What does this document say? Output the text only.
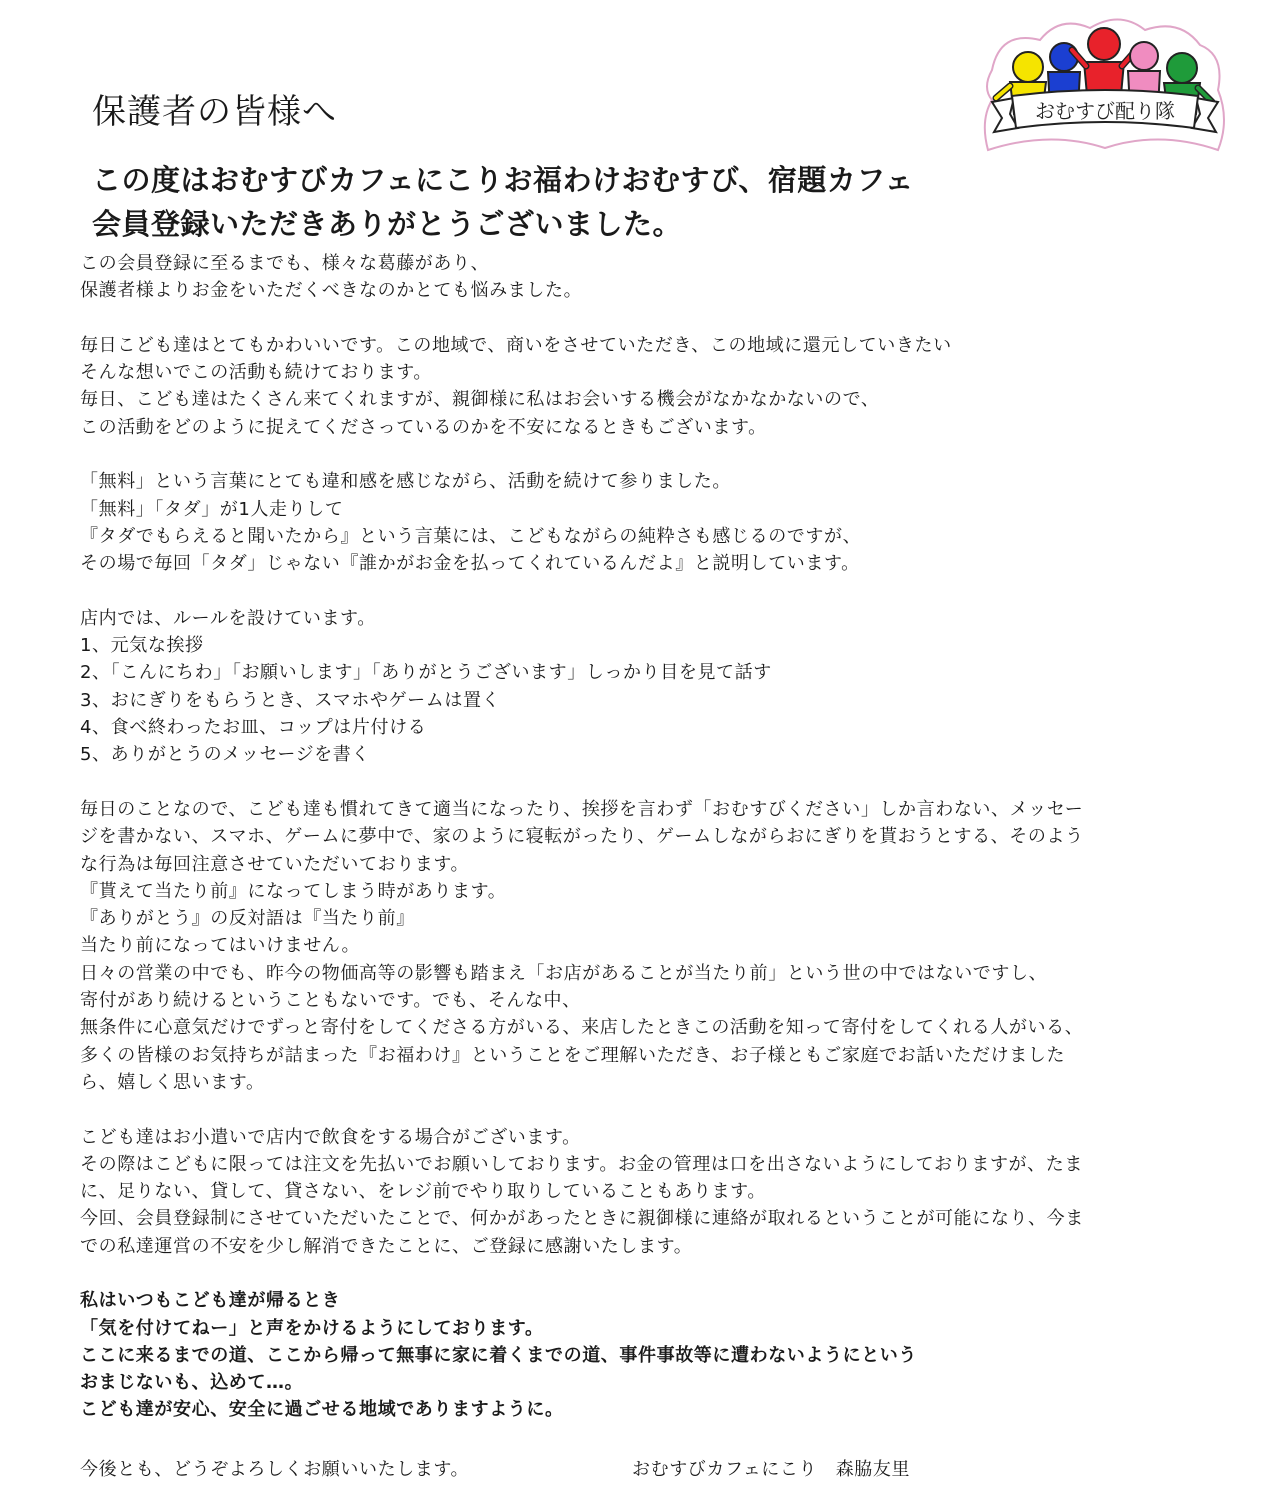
おむすび配り隊
保護者の皆様へ
この度はおむすびカフェにこりお福わけおむすび、宿題カフェ
会員登録いただきありがとうございました。
この会員登録に至るまでも、様々な葛藤があり、
保護者様よりお金をいただくべきなのかとても悩みました。
毎日こども達はとてもかわいいです。この地域で、商いをさせていただき、この地域に還元していきたい
そんな想いでこの活動も続けております。
毎日、こども達はたくさん来てくれますが、親御様に私はお会いする機会がなかなかないので、
この活動をどのように捉えてくださっているのかを不安になるときもございます。
「無料」という言葉にとても違和感を感じながら、活動を続けて参りました。
「無料」「タダ」が1人走りして
『タダでもらえると聞いたから』という言葉には、こどもながらの純粋さも感じるのですが、
その場で毎回「タダ」じゃない『誰かがお金を払ってくれているんだよ』と説明しています。
店内では、ルールを設けています。
1、元気な挨拶
2、「こんにちわ」「お願いします」「ありがとうございます」しっかり目を見て話す
3、おにぎりをもらうとき、スマホやゲームは置く
4、食べ終わったお皿、コップは片付ける
5、ありがとうのメッセージを書く
毎日のことなので、こども達も慣れてきて適当になったり、挨拶を言わず「おむすびください」しか言わない、メッセー
ジを書かない、スマホ、ゲームに夢中で、家のように寝転がったり、ゲームしながらおにぎりを貰おうとする、そのよう
な行為は毎回注意させていただいております。
『貰えて当たり前』になってしまう時があります。
『ありがとう』の反対語は『当たり前』
当たり前になってはいけません。
日々の営業の中でも、昨今の物価高等の影響も踏まえ「お店があることが当たり前」という世の中ではないですし、
寄付があり続けるということもないです。でも、そんな中、
無条件に心意気だけでずっと寄付をしてくださる方がいる、来店したときこの活動を知って寄付をしてくれる人がいる、
多くの皆様のお気持ちが詰まった『お福わけ』ということをご理解いただき、お子様ともご家庭でお話いただけました
ら、嬉しく思います。
こども達はお小遣いで店内で飲食をする場合がございます。
その際はこどもに限っては注文を先払いでお願いしております。お金の管理は口を出さないようにしておりますが、たま
に、足りない、貸して、貸さない、をレジ前でやり取りしていることもあります。
今回、会員登録制にさせていただいたことで、何かがあったときに親御様に連絡が取れるということが可能になり、今ま
での私達運営の不安を少し解消できたことに、ご登録に感謝いたします。
私はいつもこども達が帰るとき
「気を付けてねー」と声をかけるようにしております。
ここに来るまでの道、ここから帰って無事に家に着くまでの道、事件事故等に遭わないようにという
おまじないも、込めて…。
こども達が安心、安全に過ごせる地域でありますように。
今後とも、どうぞよろしくお願いいたします。	おむすびカフェにこり　森脇友里
